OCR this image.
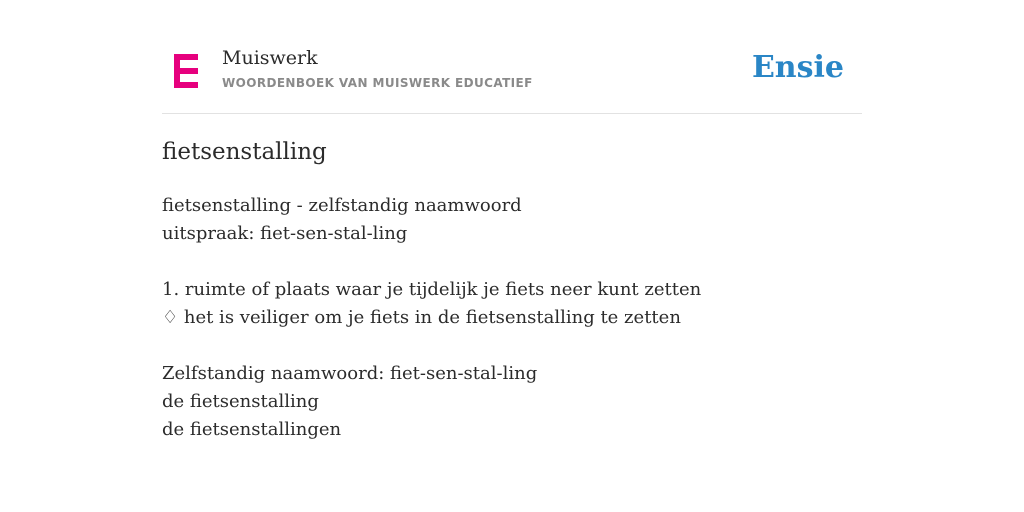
Muiswerk
WOORDENBOEK VAN MUISWERK EDUCATIEF	Ensie
fietsenstalling
fietsenstalling - zelfstandig naamwoord
uitspraak: fiet-sen-stal-ling
1. ruimte of plaats waar je tijdelijk je fiets neer kunt zetten
♢ het is veiliger om je fiets in de fietsenstalling te zetten
Zelfstandig naamwoord: fiet-sen-stal-ling
de fietsenstalling
de fietsenstallingen
